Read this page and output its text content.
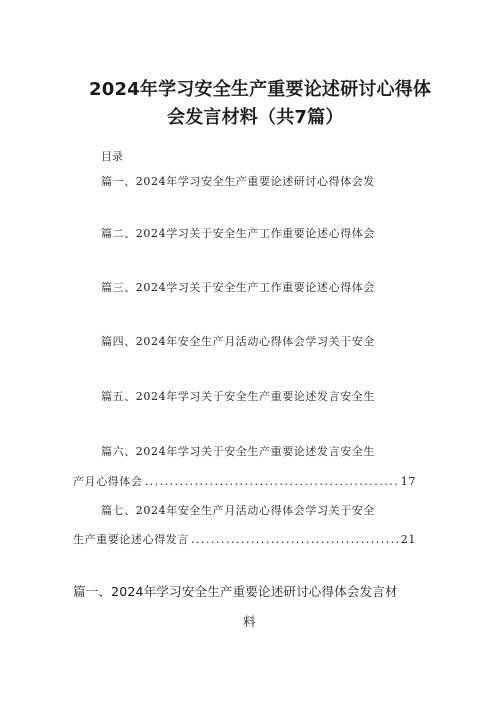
2024年学习安全生产重要论述研讨心得体
会发言材料（共7篇）
目录
篇一、2024年学习安全生产重要论述研讨心得体会发
篇二、2024学习关于安全生产工作重要论述心得体会
篇三、2024学习关于安全生产工作重要论述心得体会
篇四、2024年安全生产月活动心得体会学习关于安全
篇五、2024年学习关于安全生产重要论述发言安全生
篇六、2024年学习关于安全生产重要论述发言安全生
产月心得体会 . . .	17
篇七、2024年安全生产月活动心得体会学习关于安全
生产重要论述心得发言 . . .	21
篇一、2024年学习安全生产重要论述研讨心得体会发言材
料
